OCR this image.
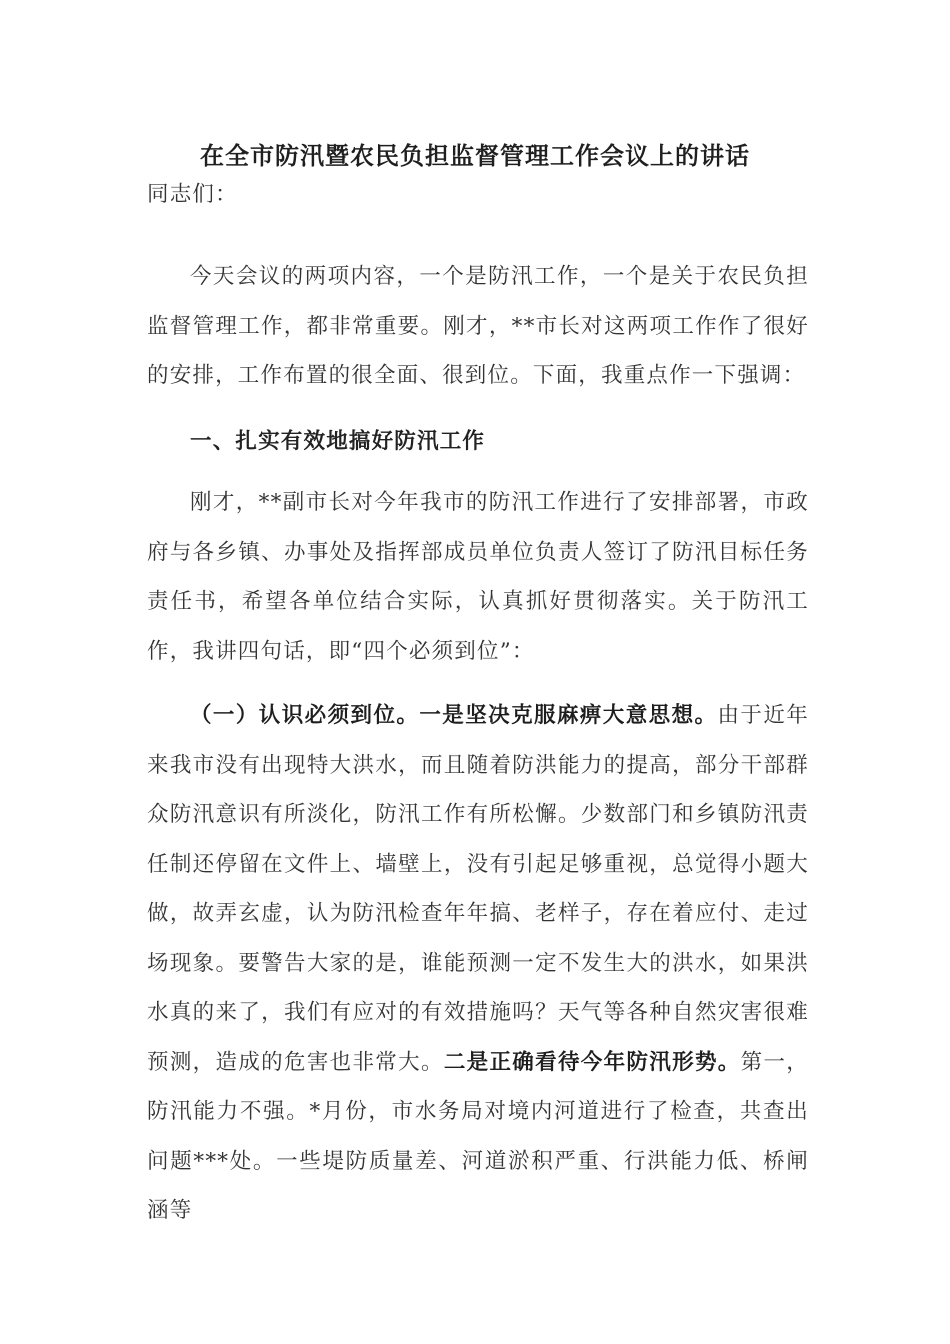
在全市防汛暨农民负担监督管理工作会议上的讲话

同志们：

今天会议的两项内容，一个是防汛工作，一个是关于农民负担监督管理工作，都非常重要。刚才，**市长对这两项工作作了很好的安排，工作布置的很全面、很到位。下面，我重点作一下强调：

一、扎实有效地搞好防汛工作

刚才，**副市长对今年我市的防汛工作进行了安排部署，市政府与各乡镇、办事处及指挥部成员单位负责人签订了防汛目标任务责任书，希望各单位结合实际，认真抓好贯彻落实。关于防汛工作，我讲四句话，即“四个必须到位”：

（一）认识必须到位。一是坚决克服麻痹大意思想。由于近年来我市没有出现特大洪水，而且随着防洪能力的提高，部分干部群众防汛意识有所淡化，防汛工作有所松懈。少数部门和乡镇防汛责任制还停留在文件上、墙壁上，没有引起足够重视，总觉得小题大做，故弄玄虚，认为防汛检查年年搞、老样子，存在着应付、走过场现象。要警告大家的是，谁能预测一定不发生大的洪水，如果洪水真的来了，我们有应对的有效措施吗？天气等各种自然灾害很难预测，造成的危害也非常大。二是正确看待今年防汛形势。第一，防汛能力不强。*月份，市水务局对境内河道进行了检查，共查出问题***处。一些堤防质量差、河道淤积严重、行洪能力低、桥闸涵等
